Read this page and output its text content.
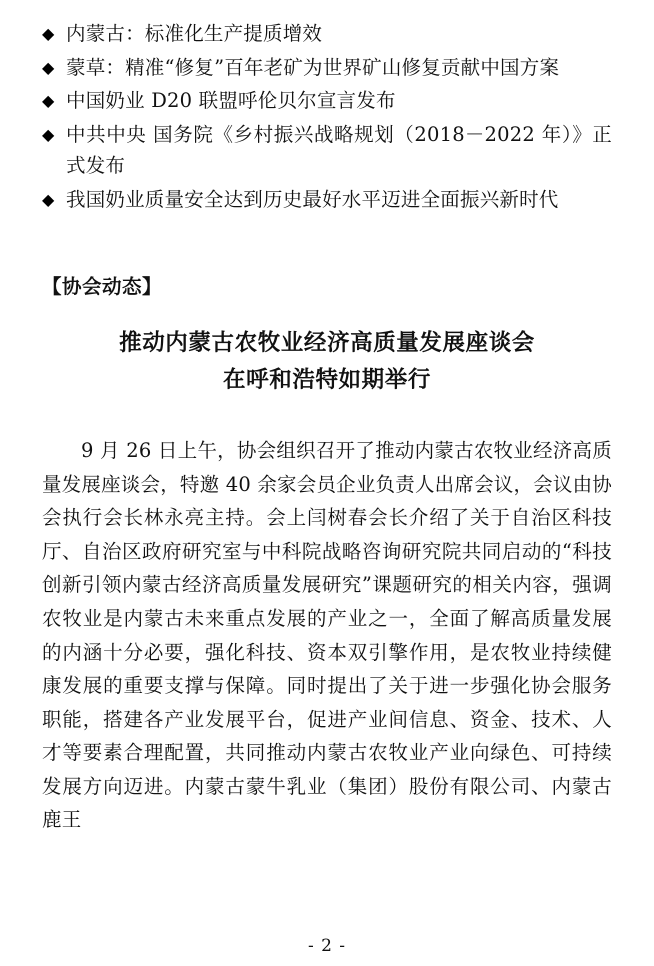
◆ 内蒙古：标准化生产提质增效
◆ 蒙草：精准“修复”百年老矿为世界矿山修复贡献中国方案
◆ 中国奶业 D20 联盟呼伦贝尔宣言发布
◆ 中共中央 国务院《乡村振兴战略规划（2018－2022 年）》正式发布
◆ 我国奶业质量安全达到历史最好水平迈进全面振兴新时代
【协会动态】
推动内蒙古农牧业经济高质量发展座谈会
在呼和浩特如期举行

9 月 26 日上午，协会组织召开了推动内蒙古农牧业经济高质量发展座谈会，特邀 40 余家会员企业负责人出席会议，会议由协会执行会长林永亮主持。会上闫树春会长介绍了关于自治区科技厅、自治区政府研究室与中科院战略咨询研究院共同启动的“科技创新引领内蒙古经济高质量发展研究”课题研究的相关内容，强调农牧业是内蒙古未来重点发展的产业之一，全面了解高质量发展的内涵十分必要，强化科技、资本双引擎作用，是农牧业持续健康发展的重要支撑与保障。同时提出了关于进一步强化协会服务职能，搭建各产业发展平台，促进产业间信息、资金、技术、人才等要素合理配置，共同推动内蒙古农牧业产业向绿色、可持续发展方向迈进。内蒙古蒙牛乳业（集团）股份有限公司、内蒙古鹿王

- 2 -
